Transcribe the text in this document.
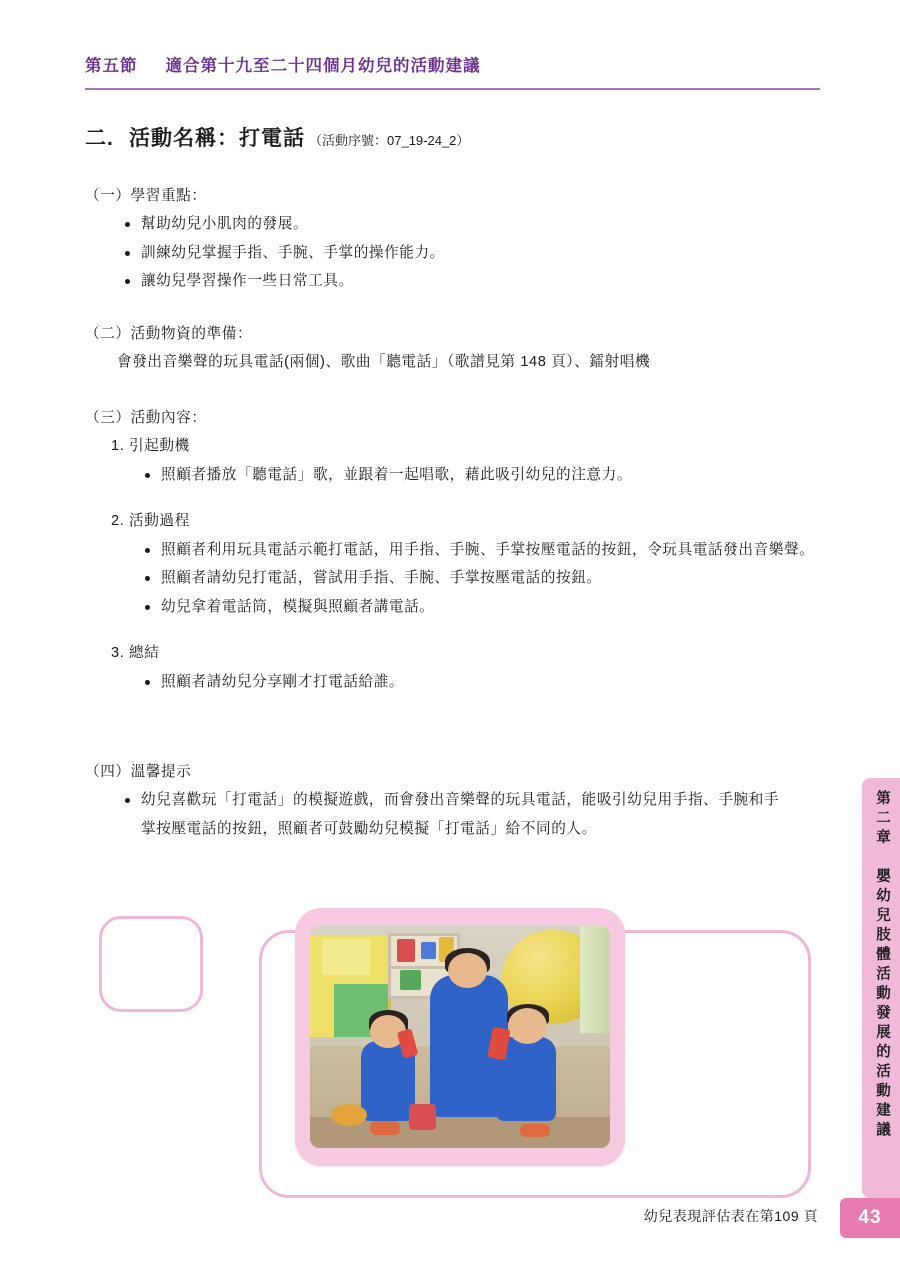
第五節 適合第十九至二十四個月幼兒的活動建議
二. 活動名稱：打電話 （活動序號：07_19-24_2）
（一）學習重點：
幫助幼兒小肌肉的發展。
訓練幼兒掌握手指、手腕、手掌的操作能力。
讓幼兒學習操作一些日常工具。
（二）活動物資的準備：
會發出音樂聲的玩具電話(兩個)、歌曲「聽電話」（歌譜見第 148 頁）、鐳射唱機
（三）活動內容：
1. 引起動機
照顧者播放「聽電話」歌，並跟着一起唱歌，藉此吸引幼兒的注意力。
2. 活動過程
照顧者利用玩具電話示範打電話，用手指、手腕、手掌按壓電話的按鈕，令玩具電話發出音樂聲。
照顧者請幼兒打電話，嘗試用手指、手腕、手掌按壓電話的按鈕。
幼兒拿着電話筒，模擬與照顧者講電話。
3. 總結
照顧者請幼兒分享剛才打電話給誰。
（四）溫馨提示
幼兒喜歡玩「打電話」的模擬遊戲，而會發出音樂聲的玩具電話，能吸引幼兒用手指、手腕和手掌按壓電話的按鈕，照顧者可鼓勵幼兒模擬「打電話」給不同的人。	第二章　嬰幼兒肢體活動發展的活動建議
幼兒表現評估表在第109 頁 43
